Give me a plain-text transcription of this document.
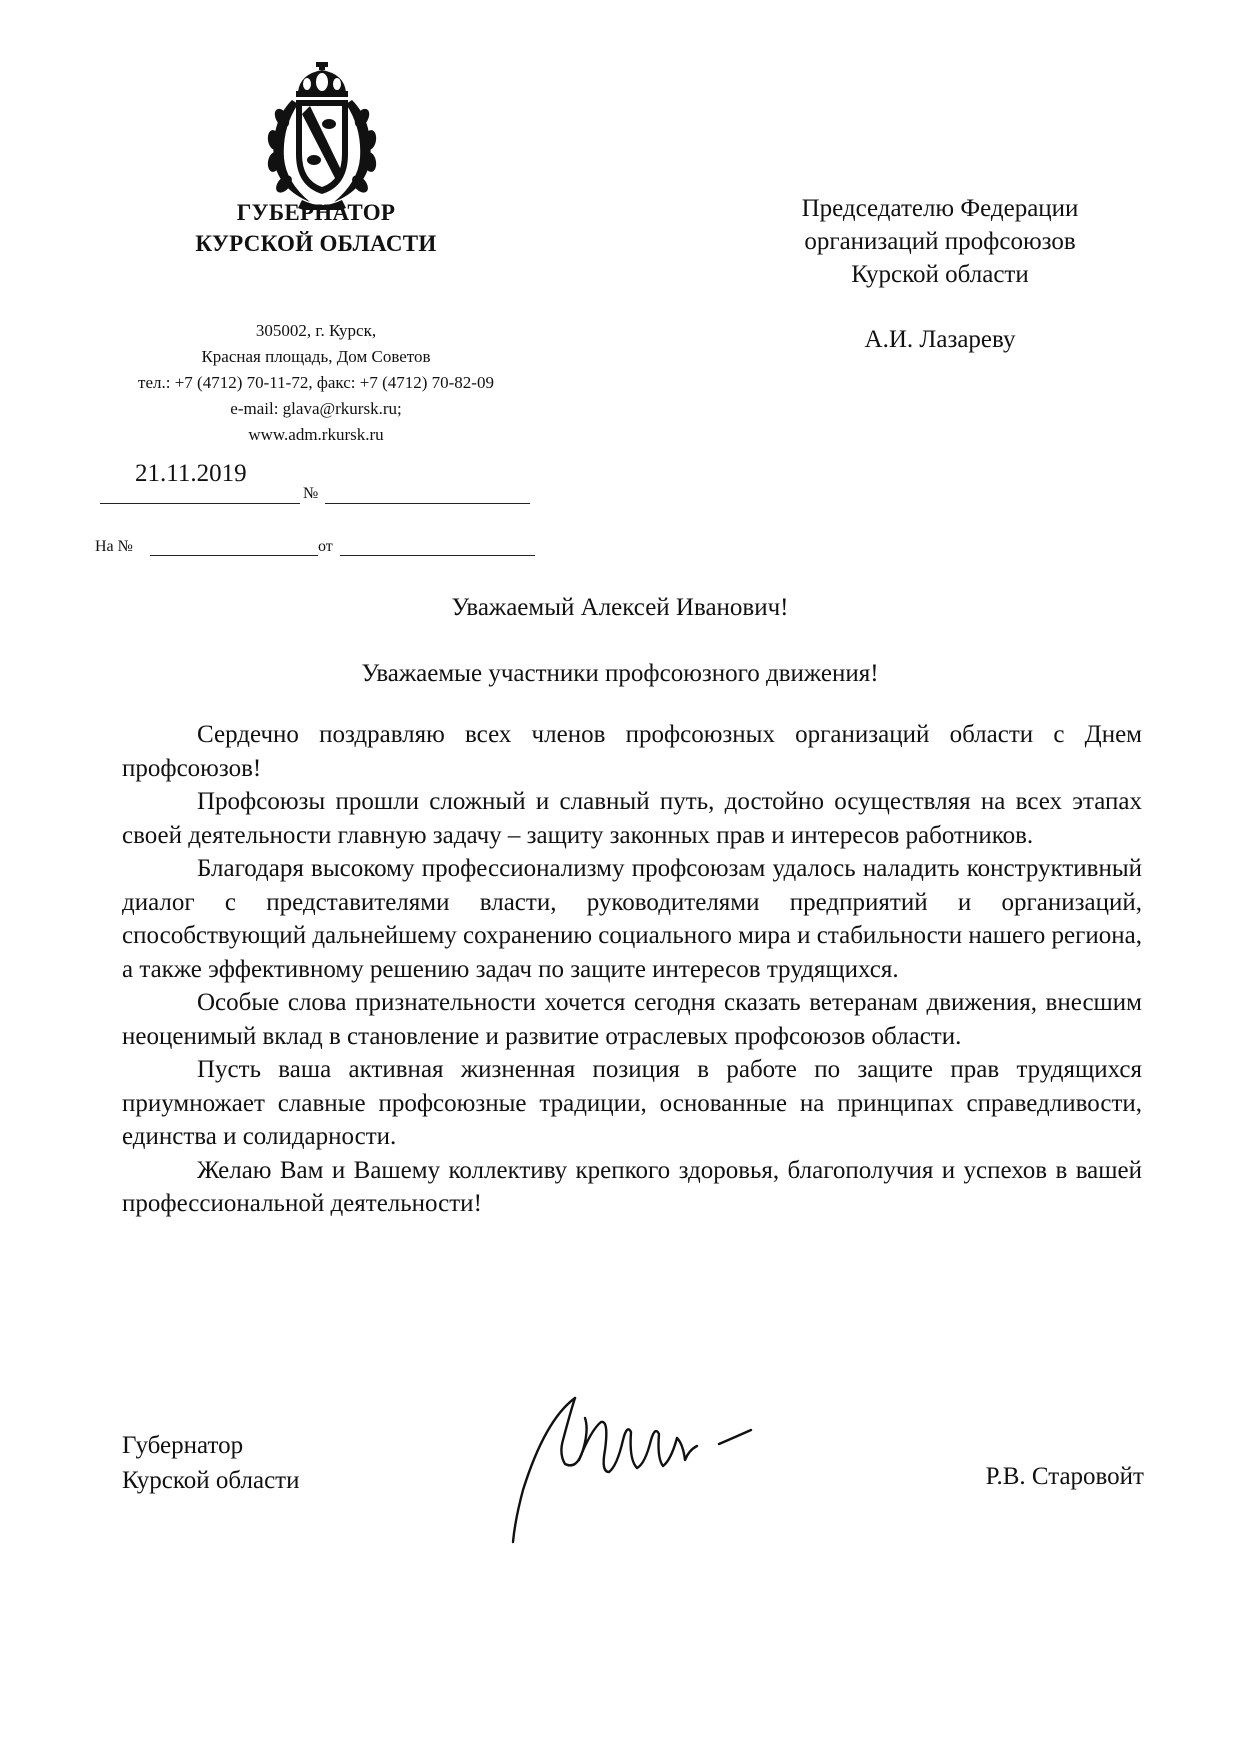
ГУБЕРНАТОР
КУРСКОЙ ОБЛАСТИ
305002, г. Курск,
Красная площадь, Дом Советов
тел.: +7 (4712) 70-11-72, факс: +7 (4712) 70-82-09
e-mail: glava@rkursk.ru;
www.adm.rkursk.ru
21.11.2019
№
На №	от
Председателю Федерации
организаций профсоюзов
Курской области
А.И. Лазареву
Уважаемый Алексей Иванович!
Уважаемые участники профсоюзного движения!

Сердечно поздравляю всех членов профсоюзных организаций области с Днем профсоюзов!

Профсоюзы прошли сложный и славный путь, достойно осуществляя на всех этапах своей деятельности главную задачу – защиту законных прав и интересов работников.

Благодаря высокому профессионализму профсоюзам удалось наладить конструктивный диалог с представителями власти, руководителями предприятий и организаций, способствующий дальнейшему сохранению социального мира и стабильности нашего региона, а также эффективному решению задач по защите интересов трудящихся.

Особые слова признательности хочется сегодня сказать ветеранам движения, внесшим неоценимый вклад в становление и развитие отраслевых профсоюзов области.

Пусть ваша активная жизненная позиция в работе по защите прав трудящихся приумножает славные профсоюзные традиции, основанные на принципах справедливости, единства и солидарности.

Желаю Вам и Вашему коллективу крепкого здоровья, благополучия и успехов в вашей профессиональной деятельности!

Губернатор
Курской области	Р.В. Старовойт
